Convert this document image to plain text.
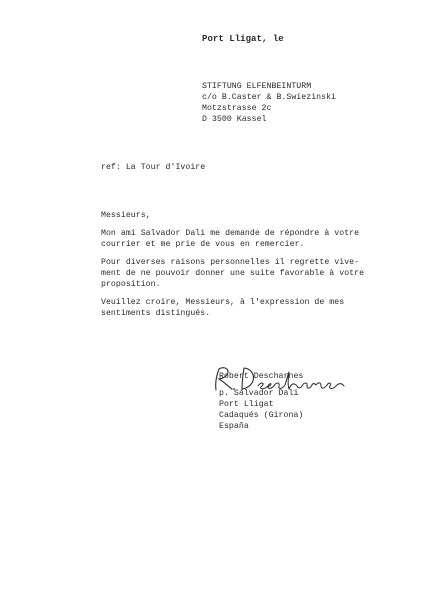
Port Lligat, le
STIFTUNG ELFENBEINTURM
c/o B.Caster & B.Swiezinski
Motzstrasse 2c
D 3500 Kassel
ref: La Tour d'Ivoire
Messieurs,
Mon ami Salvador Dali me demande de répondre à votre
courrier et me prie de vous en remercier.
Pour diverses raisons personnelles il regrette vive-
ment de ne pouvoir donner une suite favorable à votre
proposition.
Veuillez croire, Messieurs, à l'expression de mes
sentiments distingués.
Robert Descharnes
p. Salvador Dali
Port Lligat
Cadaqués (Girona)
España
